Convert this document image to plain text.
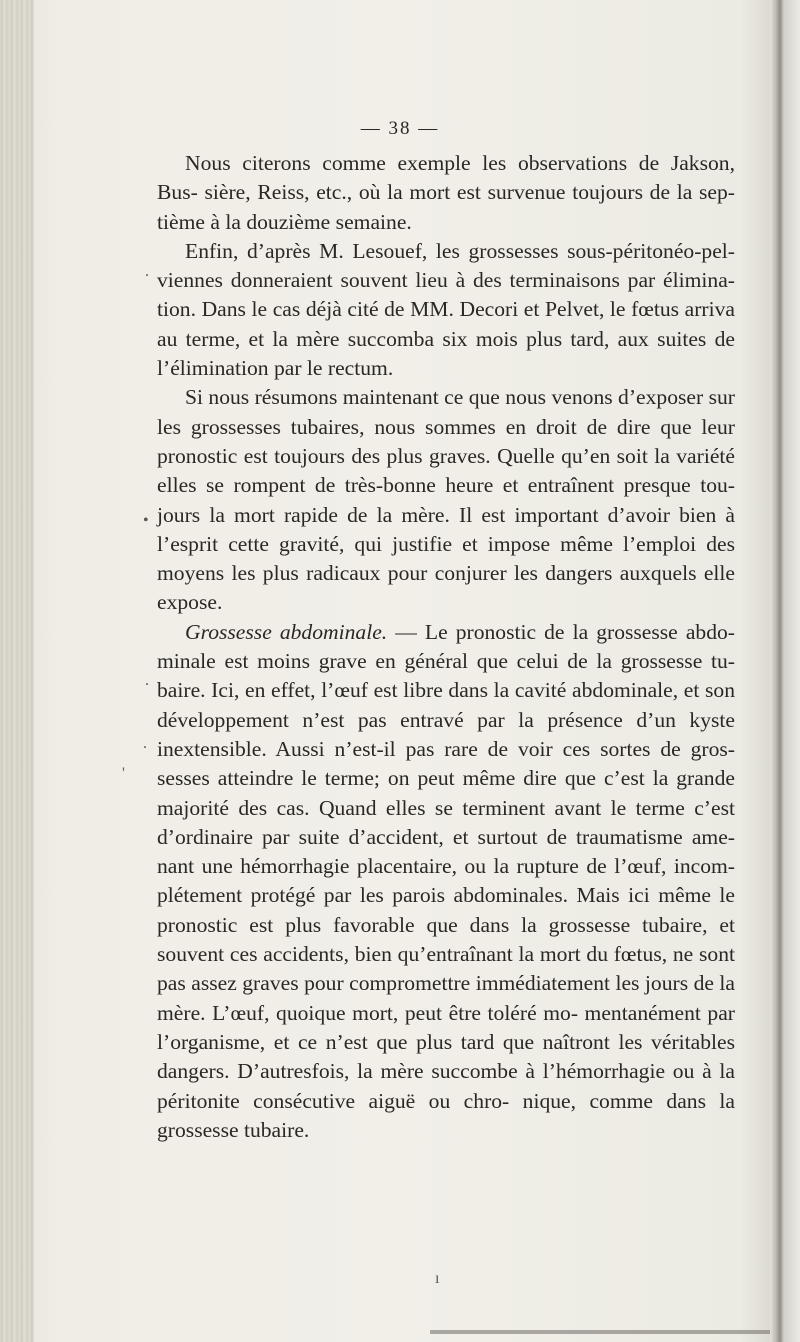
— 38 —

Nous citerons comme exemple les observations de Jakson, Bus- sière, Reiss, etc., où la mort est survenue toujours de la sep- tième à la douzième semaine.

Enfin, d’après M. Lesouef, les grossesses sous-péritonéo-pel- viennes donneraient souvent lieu à des terminaisons par élimina- tion. Dans le cas déjà cité de MM. Decori et Pelvet, le fœtus arriva au terme, et la mère succomba six mois plus tard, aux suites de l’élimination par le rectum.

Si nous résumons maintenant ce que nous venons d’exposer sur les grossesses tubaires, nous sommes en droit de dire que leur pronostic est toujours des plus graves. Quelle qu’en soit la variété elles se rompent de très-bonne heure et entraînent presque tou- jours la mort rapide de la mère. Il est important d’avoir bien à l’esprit cette gravité, qui justifie et impose même l’emploi des moyens les plus radicaux pour conjurer les dangers auxquels elle expose.

Grossesse abdominale. — Le pronostic de la grossesse abdo- minale est moins grave en général que celui de la grossesse tu- baire. Ici, en effet, l’œuf est libre dans la cavité abdominale, et son développement n’est pas entravé par la présence d’un kyste inextensible. Aussi n’est-il pas rare de voir ces sortes de gros- sesses atteindre le terme; on peut même dire que c’est la grande majorité des cas. Quand elles se terminent avant le terme c’est d’ordinaire par suite d’accident, et surtout de traumatisme ame- nant une hémorrhagie placentaire, ou la rupture de l’œuf, incom- plétement protégé par les parois abdominales. Mais ici même le pronostic est plus favorable que dans la grossesse tubaire, et souvent ces accidents, bien qu’entraînant la mort du fœtus, ne sont pas assez graves pour compromettre immédiatement les jours de la mère. L’œuf, quoique mort, peut être toléré mo- mentanément par l’organisme, et ce n’est que plus tard que naîtront les véritables dangers. D’autresfois, la mère succombe à l’hémorrhagie ou à la péritonite consécutive aiguë ou chro- nique, comme dans la grossesse tubaire.

.
•
.
.
'
ı
